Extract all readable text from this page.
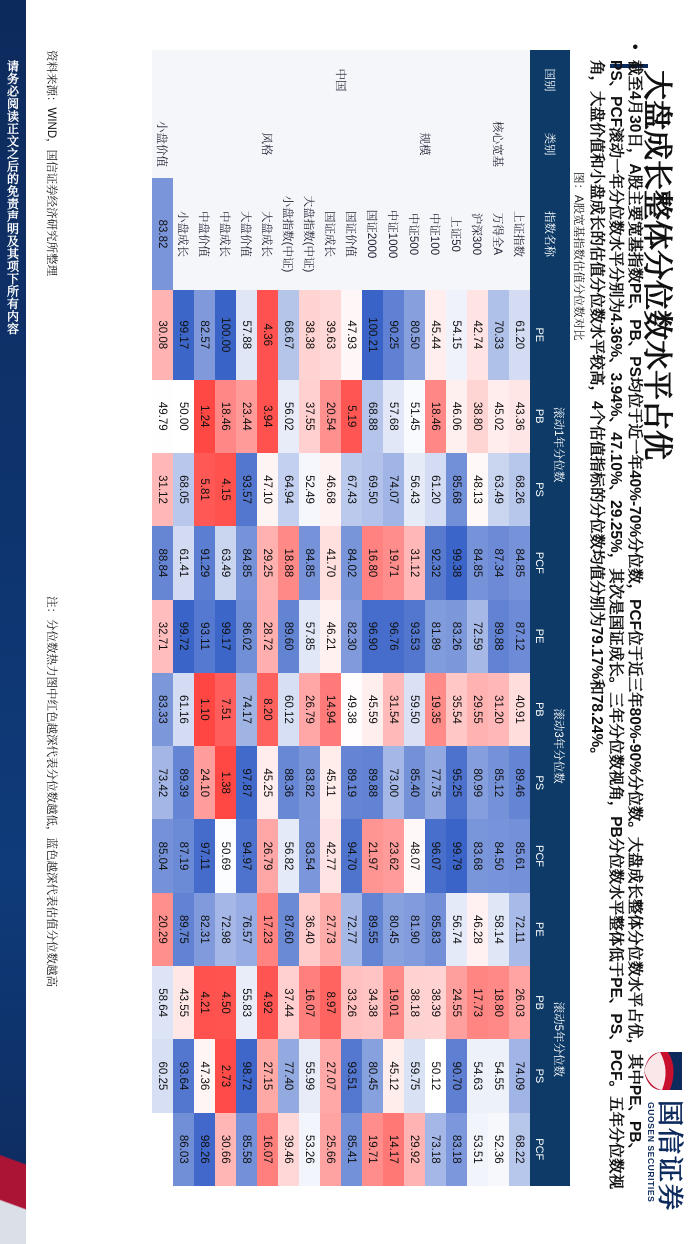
请务必阅读正文之后的免责声明及其项下所有内容	大盘成长整体分位数水平占优
国信证券
GUOSEN SECURITIES
•
截至4月30日，A股主要宽基指数PE、PB、PS均位于近一年40%-70%分位数，PCF位于近三年80%-90%分位数。大盘成长整体分位数水平占优，其中PE、PB、PS、PCF滚动一年分位数水平分别为4.36%、3.94%、47.10%、29.25%，其次是国证成长。三年分位数视角，PB分位数水平整体低于PE、PS、PCF。五年分位数视角，大盘价值和小盘成长的估值分位数水平较高，4个估值指标的分位数均值分别为79.17%和78.24%。
图：A股宽基指数估值分位数对比
国别	类别	指数名称	滚动1年分位数				滚动3年分位数				滚动5年分位数			
			PE	PB	PS	PCF	PE	PB	PS	PCF	PE	PB	PS	PCF
中国	核心宽基	上证指数	61.20	43.36	68.26	84.85	87.12	40.91	89.46	85.61	72.11	26.03	74.09	68.22
		万得全A	70.33	45.02	63.49	87.34	89.88	31.20	85.12	84.50	58.14	18.80	54.55	52.36
		沪深300	42.74	38.80	48.13	84.85	72.59	29.55	80.99	83.68	46.28	17.73	54.63	53.51
	规模	上证50	54.15	46.06	85.68	99.38	83.26	35.54	95.25	99.79	56.74	24.55	90.70	83.18
		中证100	45.44	18.46	61.20	92.32	81.89	19.35	77.75	96.07	85.83	38.39	50.12	73.18
		中证500	80.50	51.45	56.43	31.12	93.53	59.50	85.40	48.07	81.90	38.18	59.75	29.92
		中证1000	90.25	57.68	74.07	19.71	96.76	31.54	73.00	23.62	80.45	19.01	45.12	14.17
		国证2000	100.21	68.88	69.50	16.80	96.90	45.59	89.88	21.97	89.55	34.38	80.45	19.71
	风格	国证价值	47.93	5.19	67.43	84.02	82.30	49.38	89.19	94.70	72.77	33.26	93.51	85.41
		国证成长	39.63	20.54	46.68	41.70	46.21	14.94	45.11	42.77	27.73	8.97	27.07	25.66
		大盘指数(中证)	38.38	37.55	52.49	84.85	57.85	26.79	83.82	83.54	36.40	16.07	55.99	53.26
		小盘指数(中证)	68.67	56.02	64.94	18.88	89.60	60.12	88.36	56.82	87.60	37.44	77.40	39.46
		大盘成长	4.36	3.94	47.10	29.25	28.72	8.20	45.25	26.79	17.23	4.92	27.15	16.07
		大盘价值	57.88	23.44	93.57	84.85	86.02	74.17	97.87	94.97	76.57	55.83	98.72	85.58
		中盘成长	100.00	18.46	4.15	63.49	99.17	7.51	1.38	50.69	72.98	4.50	2.73	30.66
		中盘价值	82.57	1.24	5.81	91.29	93.11	1.10	24.10	97.11	82.31	4.21	47.36	98.26
		小盘成长	99.17	50.00	68.05	61.41	99.72	61.16	89.39	87.19	89.75	43.55	93.64	86.03
	小盘价值	83.82	30.08	49.79	31.12	88.84	32.71	83.33	73.42	85.04	20.29	58.64	60.25	
资料来源：WIND，国信证券经济研究所整理
注：分位数热力图中红色越深代表分位数越低，蓝色越深代表估值分位数越高
